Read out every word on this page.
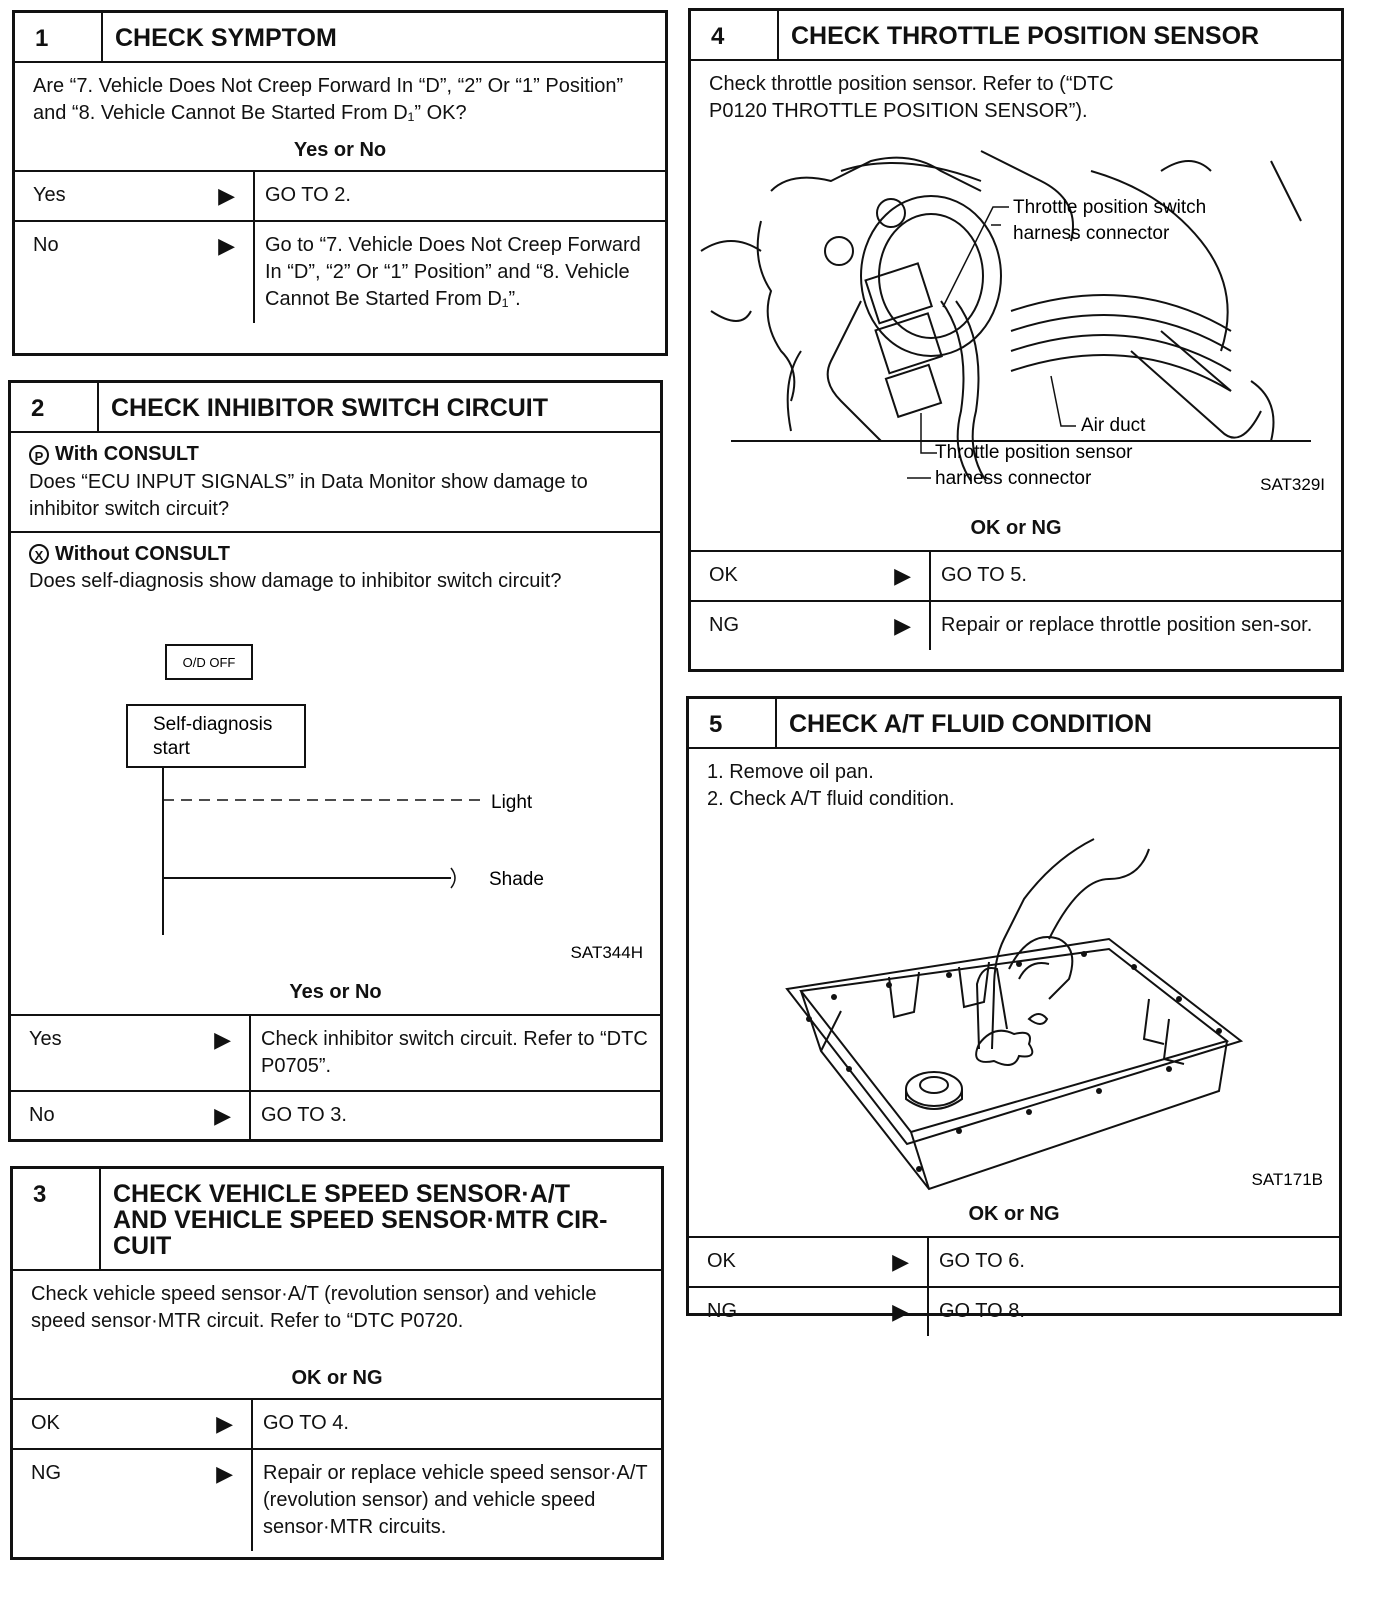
1	CHECK SYMPTOM
Are “7. Vehicle Does Not Creep Forward In “D”, “2” Or “1” Position” and “8. Vehicle Cannot Be Started From D₁” OK?
Yes or No
Yes	▶	GO TO 2.
No	▶	Go to “7. Vehicle Does Not Creep Forward In “D”, “2” Or “1” Position” and “8. Vehicle Cannot Be Started From D₁”.
2	CHECK INHIBITOR SWITCH CIRCUIT
P With CONSULT
Does “ECU INPUT SIGNALS” in Data Monitor show damage to inhibitor switch circuit?
X Without CONSULT
Does self-diagnosis show damage to inhibitor switch circuit?
O/D OFF
Self-diagnosis
start
Light
Shade
SAT344H
Yes or No
Yes	▶	Check inhibitor switch circuit. Refer to “DTC P0705”.
No	▶	GO TO 3.
3	CHECK VEHICLE SPEED SENSOR·A/T AND VEHICLE SPEED SENSOR·MTR CIR-CUIT
Check vehicle speed sensor·A/T (revolution sensor) and vehicle speed sensor·MTR circuit. Refer to “DTC P0720.
OK or NG
OK	▶	GO TO 4.
NG	▶	Repair or replace vehicle speed sensor·A/T (revolution sensor) and vehicle speed sensor·MTR circuits.
4	CHECK THROTTLE POSITION SENSOR
Check throttle position sensor. Refer to (“DTC P0120 THROTTLE POSITION SENSOR”).
Throttle position switch
harness connector
Air duct
Throttle position sensor
harness connector	SAT329I
OK or NG
OK	▶	GO TO 5.
NG	▶	Repair or replace throttle position sen-sor.
5	CHECK A/T FLUID CONDITION
1. Remove oil pan.
2. Check A/T fluid condition.
SAT171B
OK or NG
OK	▶	GO TO 6.
NG	▶	GO TO 8.
